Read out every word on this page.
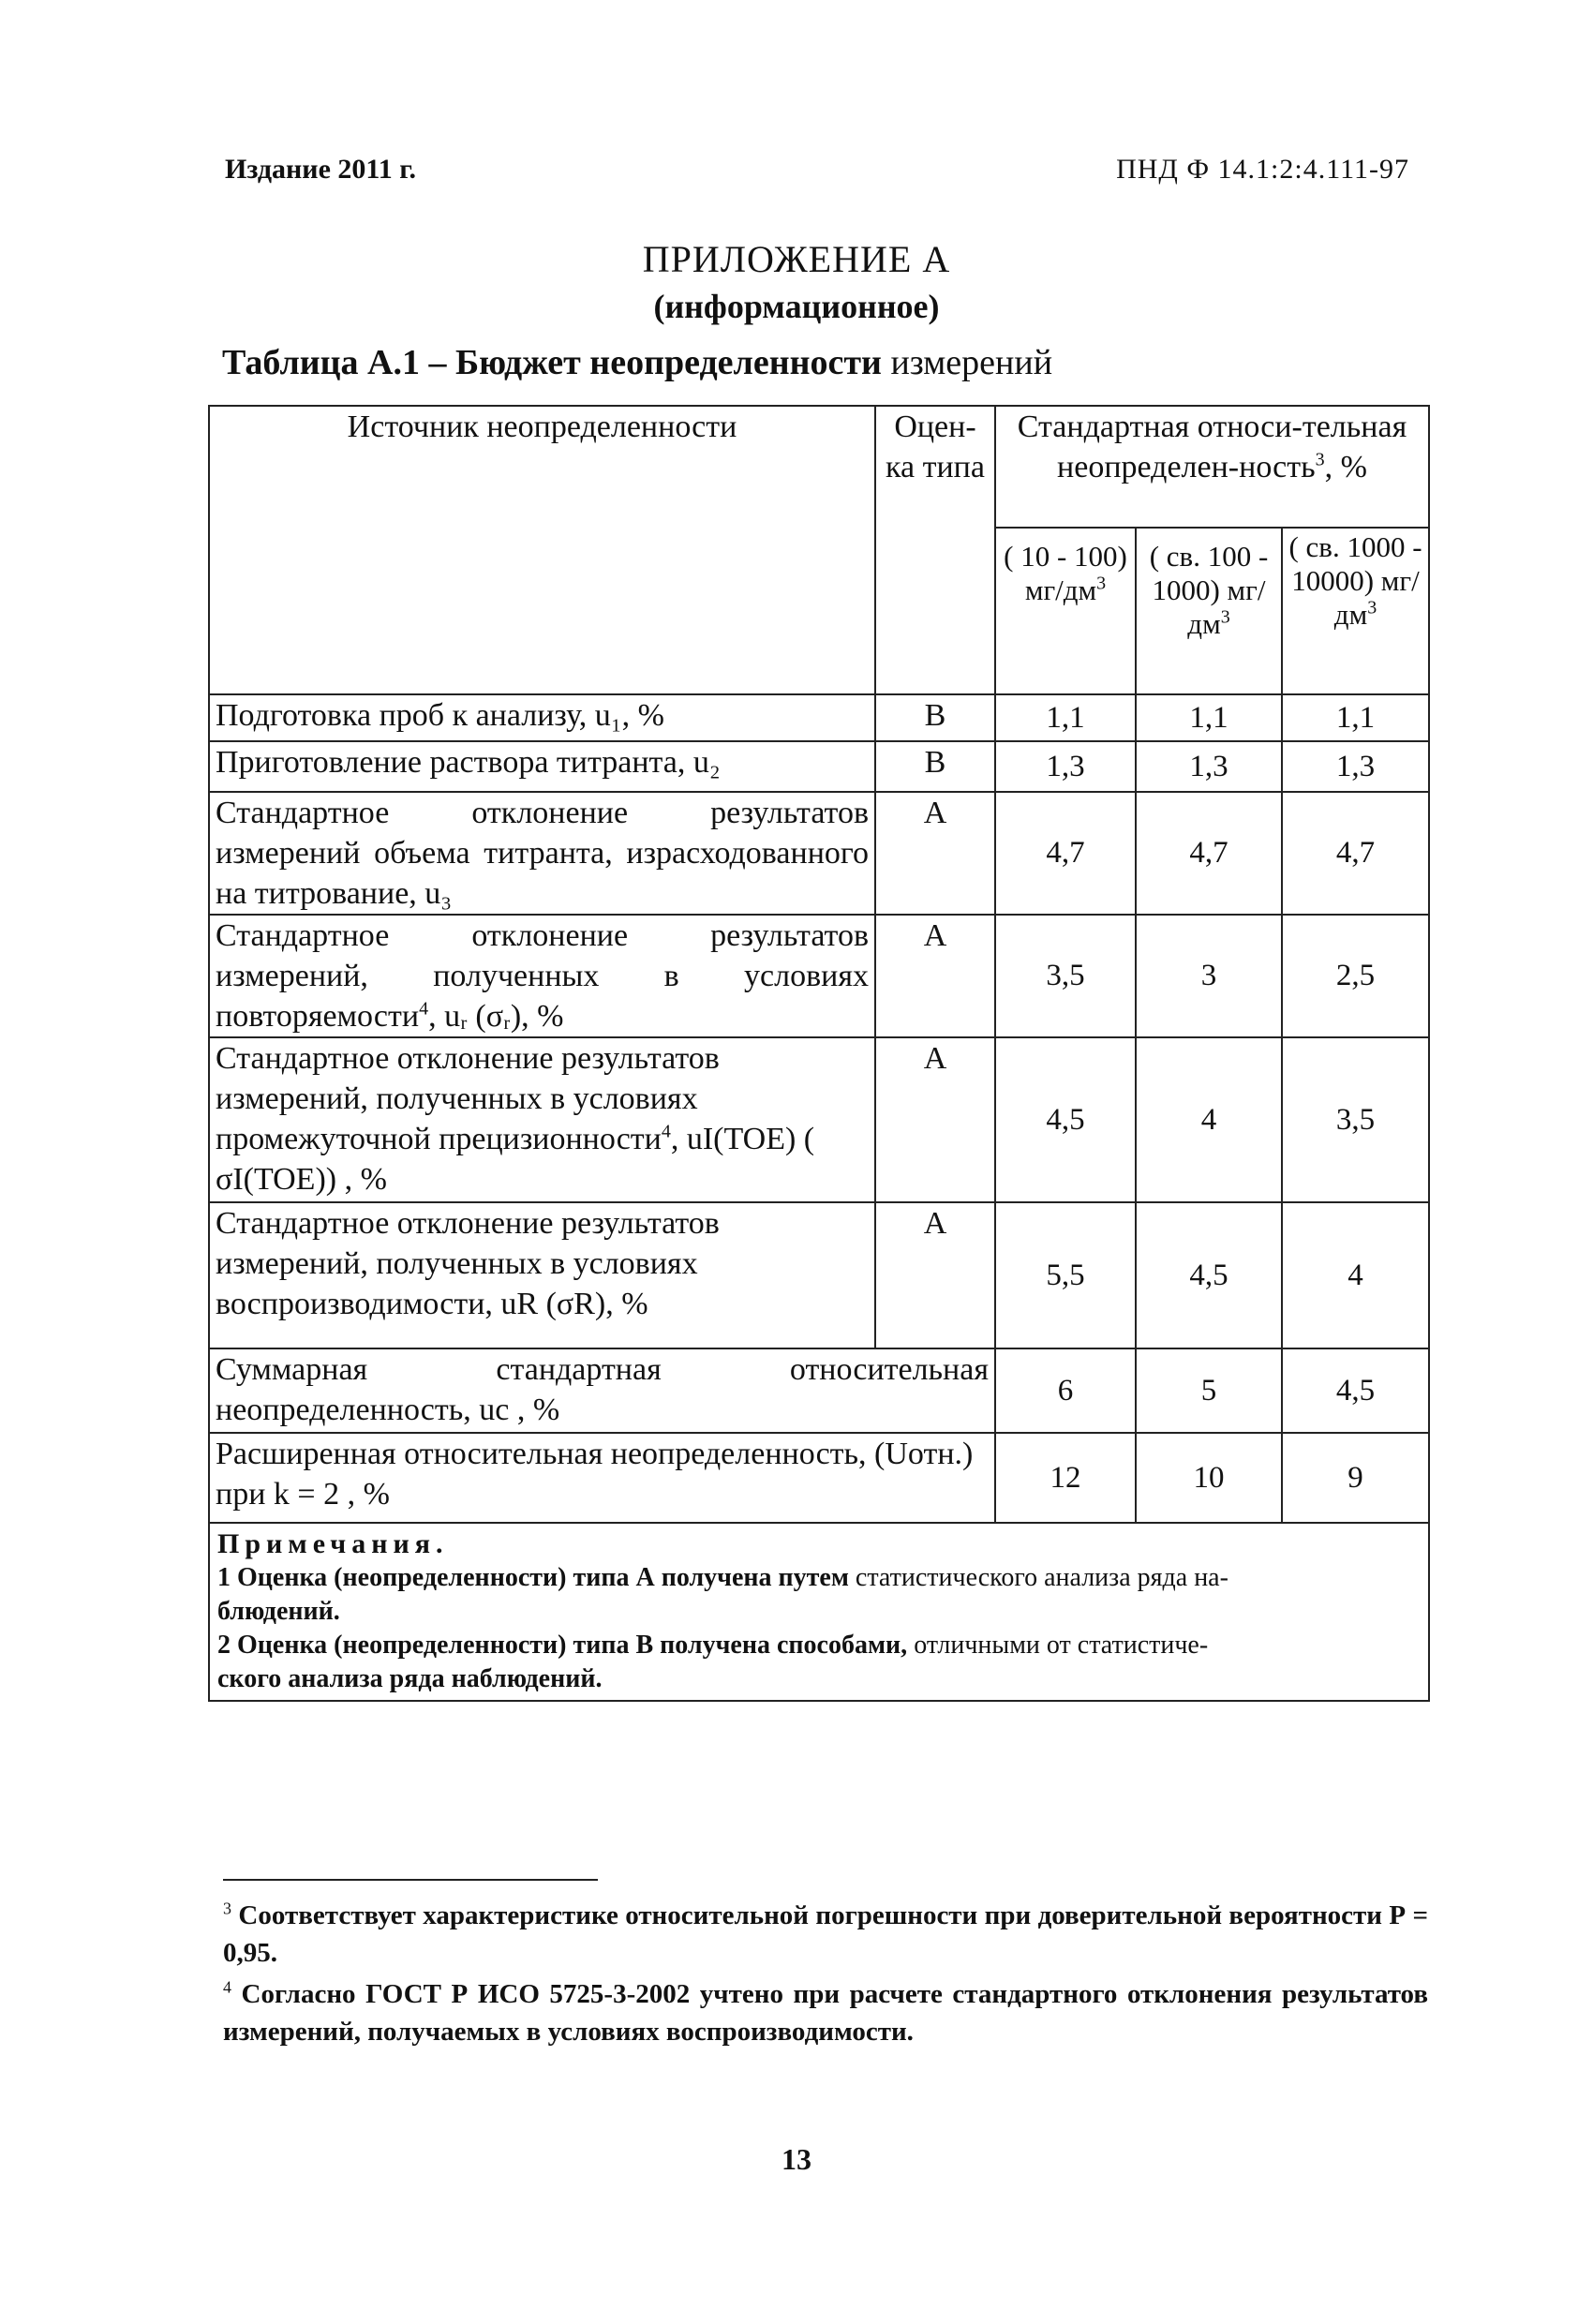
Издание 2011 г.	ПНД Ф 14.1:2:4.111-97
ПРИЛОЖЕНИЕ А
(информационное)
Таблица А.1 – Бюджет неопределенности измерений
Источник неопределенности	Оцен-ка типа	Стандартная относи-тельная неопределен-ность$^3$, %		
		( 10 - 100) $мг/дм^3$	( св. 100 - 1000) $мг/дм^3$	( св. 1000 - 10000) $мг/дм^3$
Подготовка проб к анализу, u₁, %	В	1,1	1,1	1,1
Приготовление раствора титранта, u₂	В	1,3	1,3	1,3
Стандартное отклонение результатов измерений объема титранта, израсходованного на титрование, u₃	А	4,7	4,7	4,7
Стандартное отклонение результатов измерений, полученных в условиях повторяемости$^4$, uᵣ (σᵣ), %	А	3,5	3	2,5
Стандартное отклонение результатов измерений, полученных в условиях промежуточной прецизионности$^4$, uI(TOE) ( σI(TOE)) , %	А	4,5	4	3,5
Стандартное отклонение результатов измерений, полученных в условиях воспроизводимости, uR (σR), %	А	5,5	4,5	4
Суммарная стандартная относительная неопределенность, uc , %		6	5	4,5
Расширенная относительная неопределенность, (Uотн.) при k = 2 , %		12	10	9

Примечания.
1 Оценка (неопределенности) типа А получена путем статистического анализа ряда на-
блюдений.
2 Оценка (неопределенности) типа В получена способами, отличными от статистиче-
ского анализа ряда наблюдений.				
$^3$ Соответствует характеристике относительной погрешности при доверительной вероятности Р = 0,95.
$^4$ Согласно ГОСТ Р ИСО 5725-3-2002 учтено при расчете стандартного отклонения результатов измерений, получаемых в условиях воспроизводимости.
13
